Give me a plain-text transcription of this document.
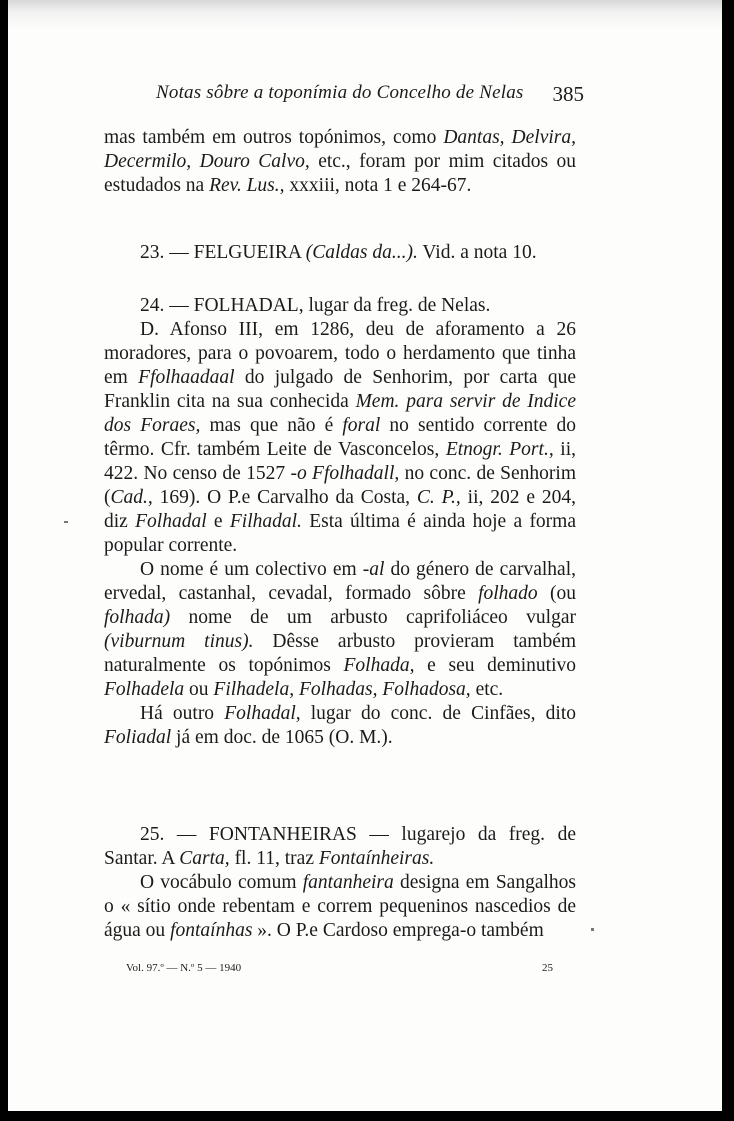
Notas sôbre a toponímia do Concelho de Nelas 385

mas também em outros topónimos, como Dantas, Delvira, Decermilo, Douro Calvo, etc., foram por mim citados ou estudados na Rev. Lus., xxxiii, nota 1 e 264-67.

23. — FELGUEIRA (Caldas da...). Vid. a nota 10.

24. — FOLHADAL, lugar da freg. de Nelas.

D. Afonso III, em 1286, deu de aforamento a 26 moradores, para o povoarem, todo o herdamento que tinha em Ffolhaadaal do julgado de Senhorim, por carta que Franklin cita na sua conhecida Mem. para servir de Indice dos Foraes, mas que não é foral no sentido corrente do têrmo. Cfr. também Leite de Vasconcelos, Etnogr. Port., ii, 422. No censo de 1527 -o Ffolhadall, no conc. de Senhorim (Cad., 169). O P.e Carvalho da Costa, C. P., ii, 202 e 204, diz Folhadal e Filhadal. Esta última é ainda hoje a forma popular corrente.

O nome é um colectivo em -al do género de carvalhal, ervedal, castanhal, cevadal, formado sôbre folhado (ou folhada) nome de um arbusto caprifoliáceo vulgar (viburnum tinus). Dêsse arbusto provieram também naturalmente os topónimos Folhada, e seu deminutivo Folhadela ou Filhadela, Folhadas, Folhadosa, etc.

Há outro Folhadal, lugar do conc. de Cinfães, dito Foliadal já em doc. de 1065 (O. M.).

25. — FONTANHEIRAS — lugarejo da freg. de Santar. A Carta, fl. 11, traz Fontaínheiras.

O vocábulo comum fantanheira designa em Sangalhos o « sítio onde rebentam e correm pequeninos nascedios de água ou fontaínhas ». O P.e Cardoso emprega-o também

Vol. 97.º — N.º 5 — 1940	25
